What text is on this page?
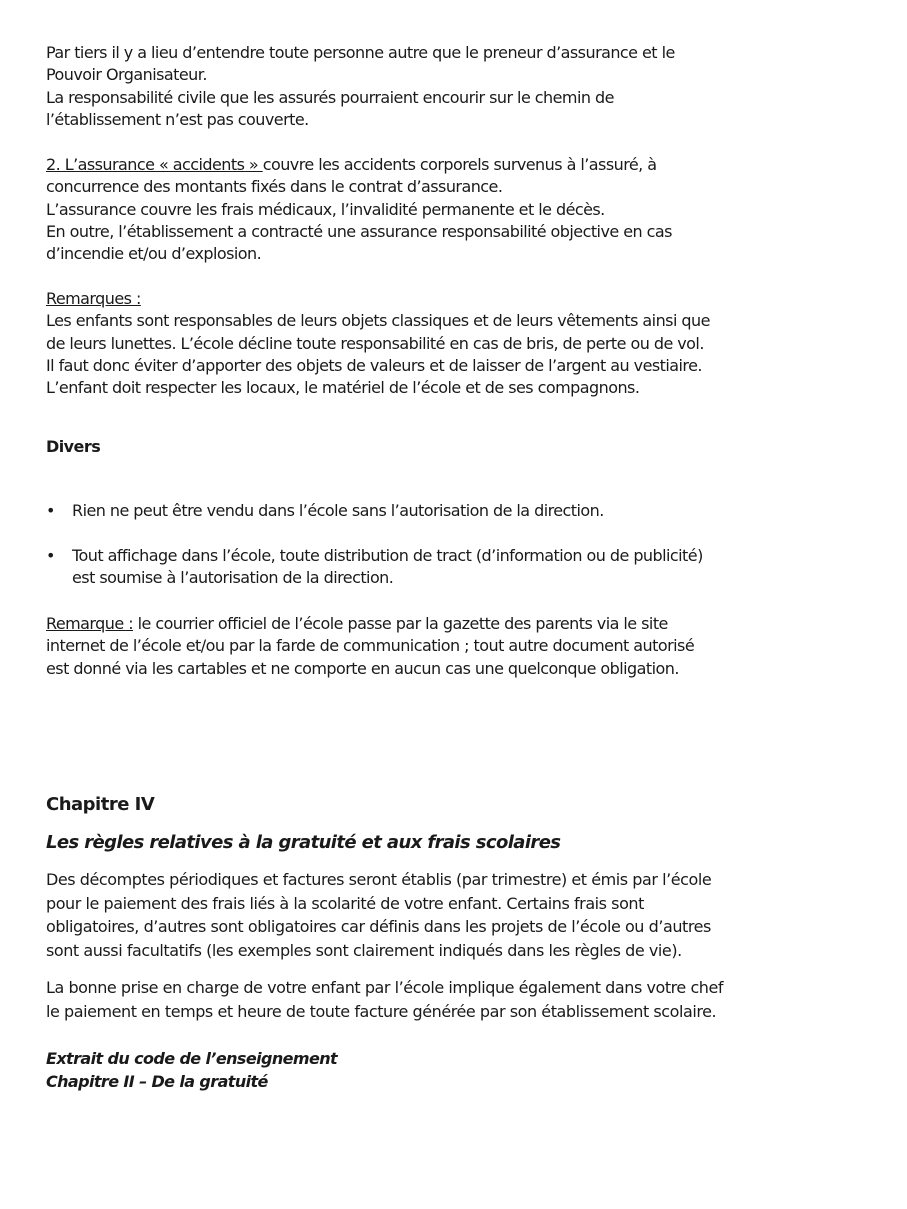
Par tiers il y a lieu d’entendre toute personne autre que le preneur d’assurance et le
Pouvoir Organisateur.
La responsabilité civile que les assurés pourraient encourir sur le chemin de
l’établissement n’est pas couverte.
2. L’assurance « accidents » couvre les accidents corporels survenus à l’assuré, à
concurrence des montants fixés dans le contrat d’assurance.
L’assurance couvre les frais médicaux, l’invalidité permanente et le décès.
En outre, l’établissement a contracté une assurance responsabilité objective en cas
d’incendie et/ou d’explosion.
Remarques :
Les enfants sont responsables de leurs objets classiques et de leurs vêtements ainsi que
de leurs lunettes. L’école décline toute responsabilité en cas de bris, de perte ou de vol.
Il faut donc éviter d’apporter des objets de valeurs et de laisser de l’argent au vestiaire.
L’enfant doit respecter les locaux, le matériel de l’école et de ses compagnons.
Divers
• Rien ne peut être vendu dans l’école sans l’autorisation de la direction.
• Tout affichage dans l’école, toute distribution de tract (d’information ou de publicité)
est soumise à l’autorisation de la direction.
Remarque : le courrier officiel de l’école passe par la gazette des parents via le site
internet de l’école et/ou par la farde de communication ; tout autre document autorisé
est donné via les cartables et ne comporte en aucun cas une quelconque obligation.
Chapitre IV
Les règles relatives à la gratuité et aux frais scolaires
Des décomptes périodiques et factures seront établis (par trimestre) et émis par l’école
pour le paiement des frais liés à la scolarité de votre enfant. Certains frais sont
obligatoires, d’autres sont obligatoires car définis dans les projets de l’école ou d’autres
sont aussi facultatifs (les exemples sont clairement indiqués dans les règles de vie).
La bonne prise en charge de votre enfant par l’école implique également dans votre chef
le paiement en temps et heure de toute facture générée par son établissement scolaire.
Extrait du code de l’enseignement
Chapitre II – De la gratuité
